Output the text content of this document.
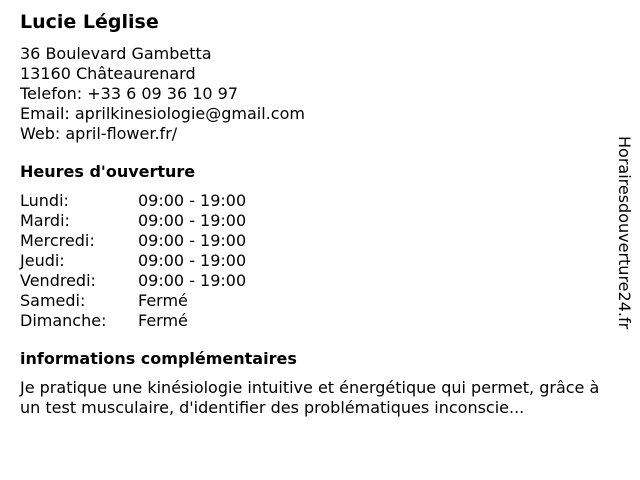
Lucie Léglise
36 Boulevard Gambetta
13160 Châteaurenard
Telefon: +33 6 09 36 10 97
Email: aprilkinesiologie@gmail.com
Web: april-flower.fr/
Heures d'ouverture
Lundi:	09:00 - 19:00
Mardi:	09:00 - 19:00
Mercredi:	09:00 - 19:00
Jeudi:	09:00 - 19:00
Vendredi:	09:00 - 19:00
Samedi:	Fermé
Dimanche:	Fermé
informations complémentaires
Je pratique une kinésiologie intuitive et énergétique qui permet, grâce à un test musculaire, d'identifier des problématiques inconscie...
Horairesdouverture24.fr
